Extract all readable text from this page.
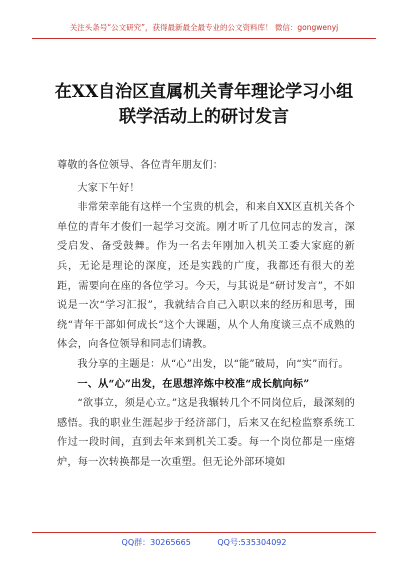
关注头条号“公文研究”，获得最新最全最专业的公文资料库！ 微信：gongwenyj
在XX自治区直属机关青年理论学习小组
联学活动上的研讨发言

尊敬的各位领导、各位青年朋友们：

大家下午好！

非常荣幸能有这样一个宝贵的机会，和来自XX区直机关各个单位的青年才俊们一起学习交流。刚才听了几位同志的发言，深受启发、备受鼓舞。作为一名去年刚加入机关工委大家庭的新兵，无论是理论的深度，还是实践的广度，我都还有很大的差距，需要向在座的各位学习。今天，与其说是“研讨发言”，不如说是一次“学习汇报”，我就结合自己入职以来的经历和思考，围绕“青年干部如何成长”这个大课题，从个人角度谈三点不成熟的体会，向各位领导和同志们请教。

我分享的主题是：从“心”出发，以“能”破局，向“实”而行。

一、从“心”出发，在思想淬炼中校准“成长航向标”

“欲事立，须是心立。”这是我辗转几个不同岗位后，最深刻的感悟。我的职业生涯起步于经济部门，后来又在纪检监察系统工作过一段时间，直到去年来到机关工委。每一个岗位都是一座熔炉，每一次转换都是一次重塑。但无论外部环境如

QQ群：30265665	QQ号:535304092
